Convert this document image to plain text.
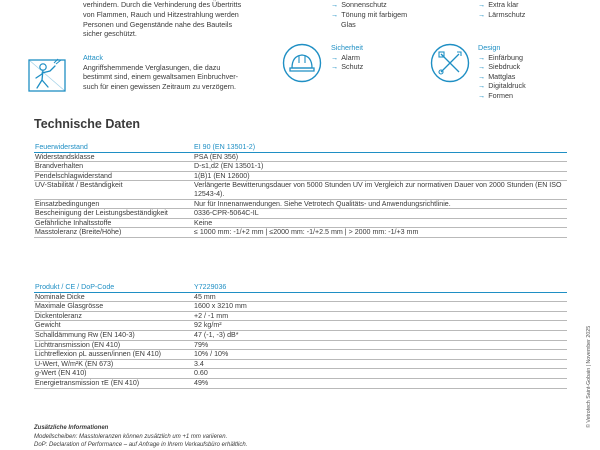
verhindern. Durch die Verhinderung des Übertritts
von Flammen, Rauch und Hitzestrahlung werden
Personen und Gegenstände nahe des Bauteils
sicher geschützt.
→ Sonnenschutz
→ Tönung mit farbigem
Glas
→ Extra klar
→ Lärmschutz
Attack
Angriffshemmende Verglasungen, die dazu
bestimmt sind, einem gewaltsamen Einbruchver-
such für einen gewissen Zeitraum zu verzögern.
Sicherheit
→ Alarm
→ Schutz
Design
→ Einfärbung
→ Siebdruck
→ Mattglas
→ Digitaldruck
→ Formen
Technische Daten
Feuerwiderstand	EI 90 (EN 13501-2)
Widerstandsklasse	PSA (EN 356)
Brandverhalten	D-s1,d2 (EN 13501-1)
Pendelschlagwiderstand	1(B)1 (EN 12600)
UV-Stabilität / Beständigkeit	Verlängerte Bewitterungsdauer von 5000 Stunden UV im Vergleich zur normativen Dauer von 2000 Stunden (EN ISO 12543-4).
Einsatzbedingungen	Nur für Innenanwendungen. Siehe Vetrotech Qualitäts- und Anwendungsrichtlinie.
Bescheinigung der Leistungsbeständigkeit	0336-CPR-5064C-IL
Gefährliche Inhaltsstoffe	Keine
Masstoleranz (Breite/Höhe)	≤ 1000 mm: -1/+2 mm | ≤2000 mm: -1/+2.5 mm | > 2000 mm: -1/+3 mm
Produkt / CE / DoP-Code	Y7229036
Nominale Dicke	45 mm
Maximale Glasgrösse	1600 x 3210 mm
Dickentoleranz	+2 / -1 mm
Gewicht	92 kg/m²
Schalldämmung Rw (EN 140-3)	47 (-1, -3) dB*
Lichttransmission (EN 410)	79%
Lichtreflexion ρL aussen/innen (EN 410)	10% / 10%
U-Wert, W/m²K (EN 673)	3.4
g-Wert (EN 410)	0.60
Energietransmission τE (EN 410)	49%
Zusätzliche Informationen
Modellscheiben: Masstoleranzen können zusätzlich um +1 mm variieren.
DoP: Declaration of Performance – auf Anfrage in Ihrem Verkaufsbüro erhältlich.
© Vetrotech Saint-Gobain | November 2025
